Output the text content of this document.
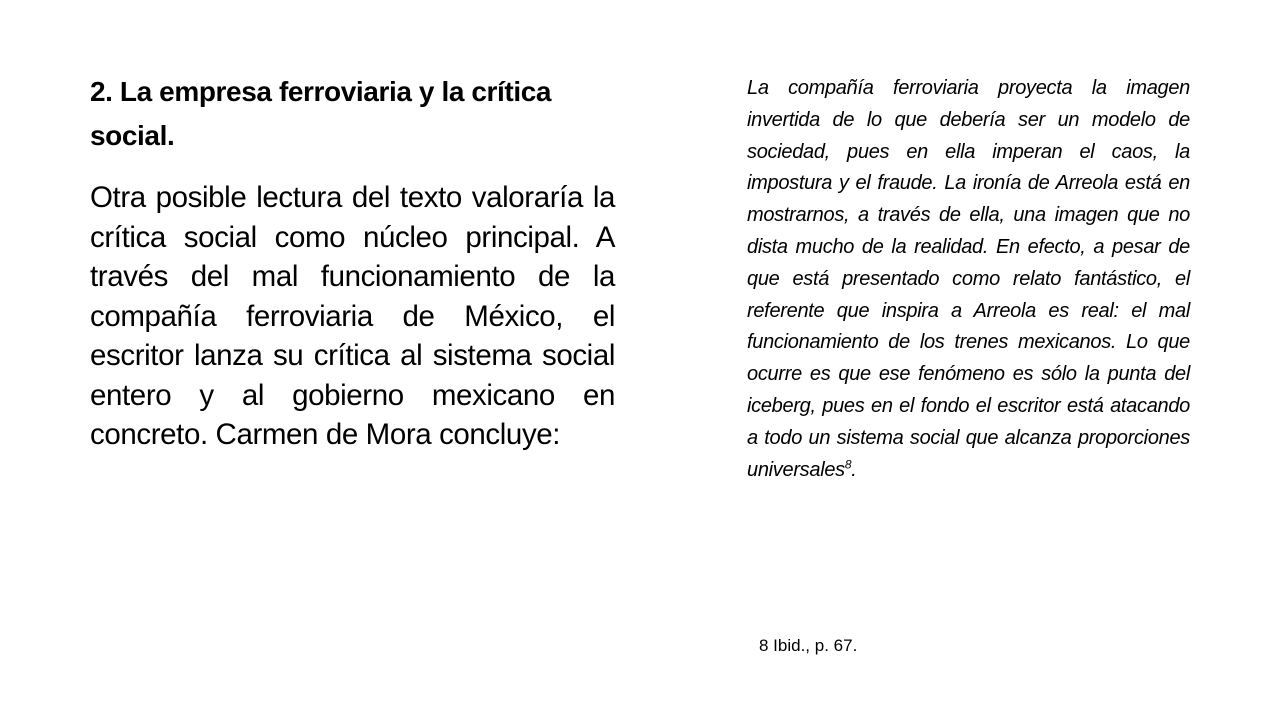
2. La empresa ferroviaria y la crítica social.

Otra posible lectura del texto valoraría la crítica social como núcleo principal. A través del mal funcionamiento de la compañía ferroviaria de México, el escritor lanza su crítica al sistema social entero y al gobierno mexicano en concreto. Carmen de Mora concluye:

La compañía ferroviaria proyecta la imagen invertida de lo que debería ser un modelo de sociedad, pues en ella imperan el caos, la impostura y el fraude. La ironía de Arreola está en mostrarnos, a través de ella, una imagen que no dista mucho de la realidad. En efecto, a pesar de que está presentado como relato fantástico, el referente que inspira a Arreola es real: el mal funcionamiento de los trenes mexicanos. Lo que ocurre es que ese fenómeno es sólo la punta del iceberg, pues en el fondo el escritor está atacando a todo un sistema social que alcanza proporciones universales$^8$.

8 Ibid., p. 67.
